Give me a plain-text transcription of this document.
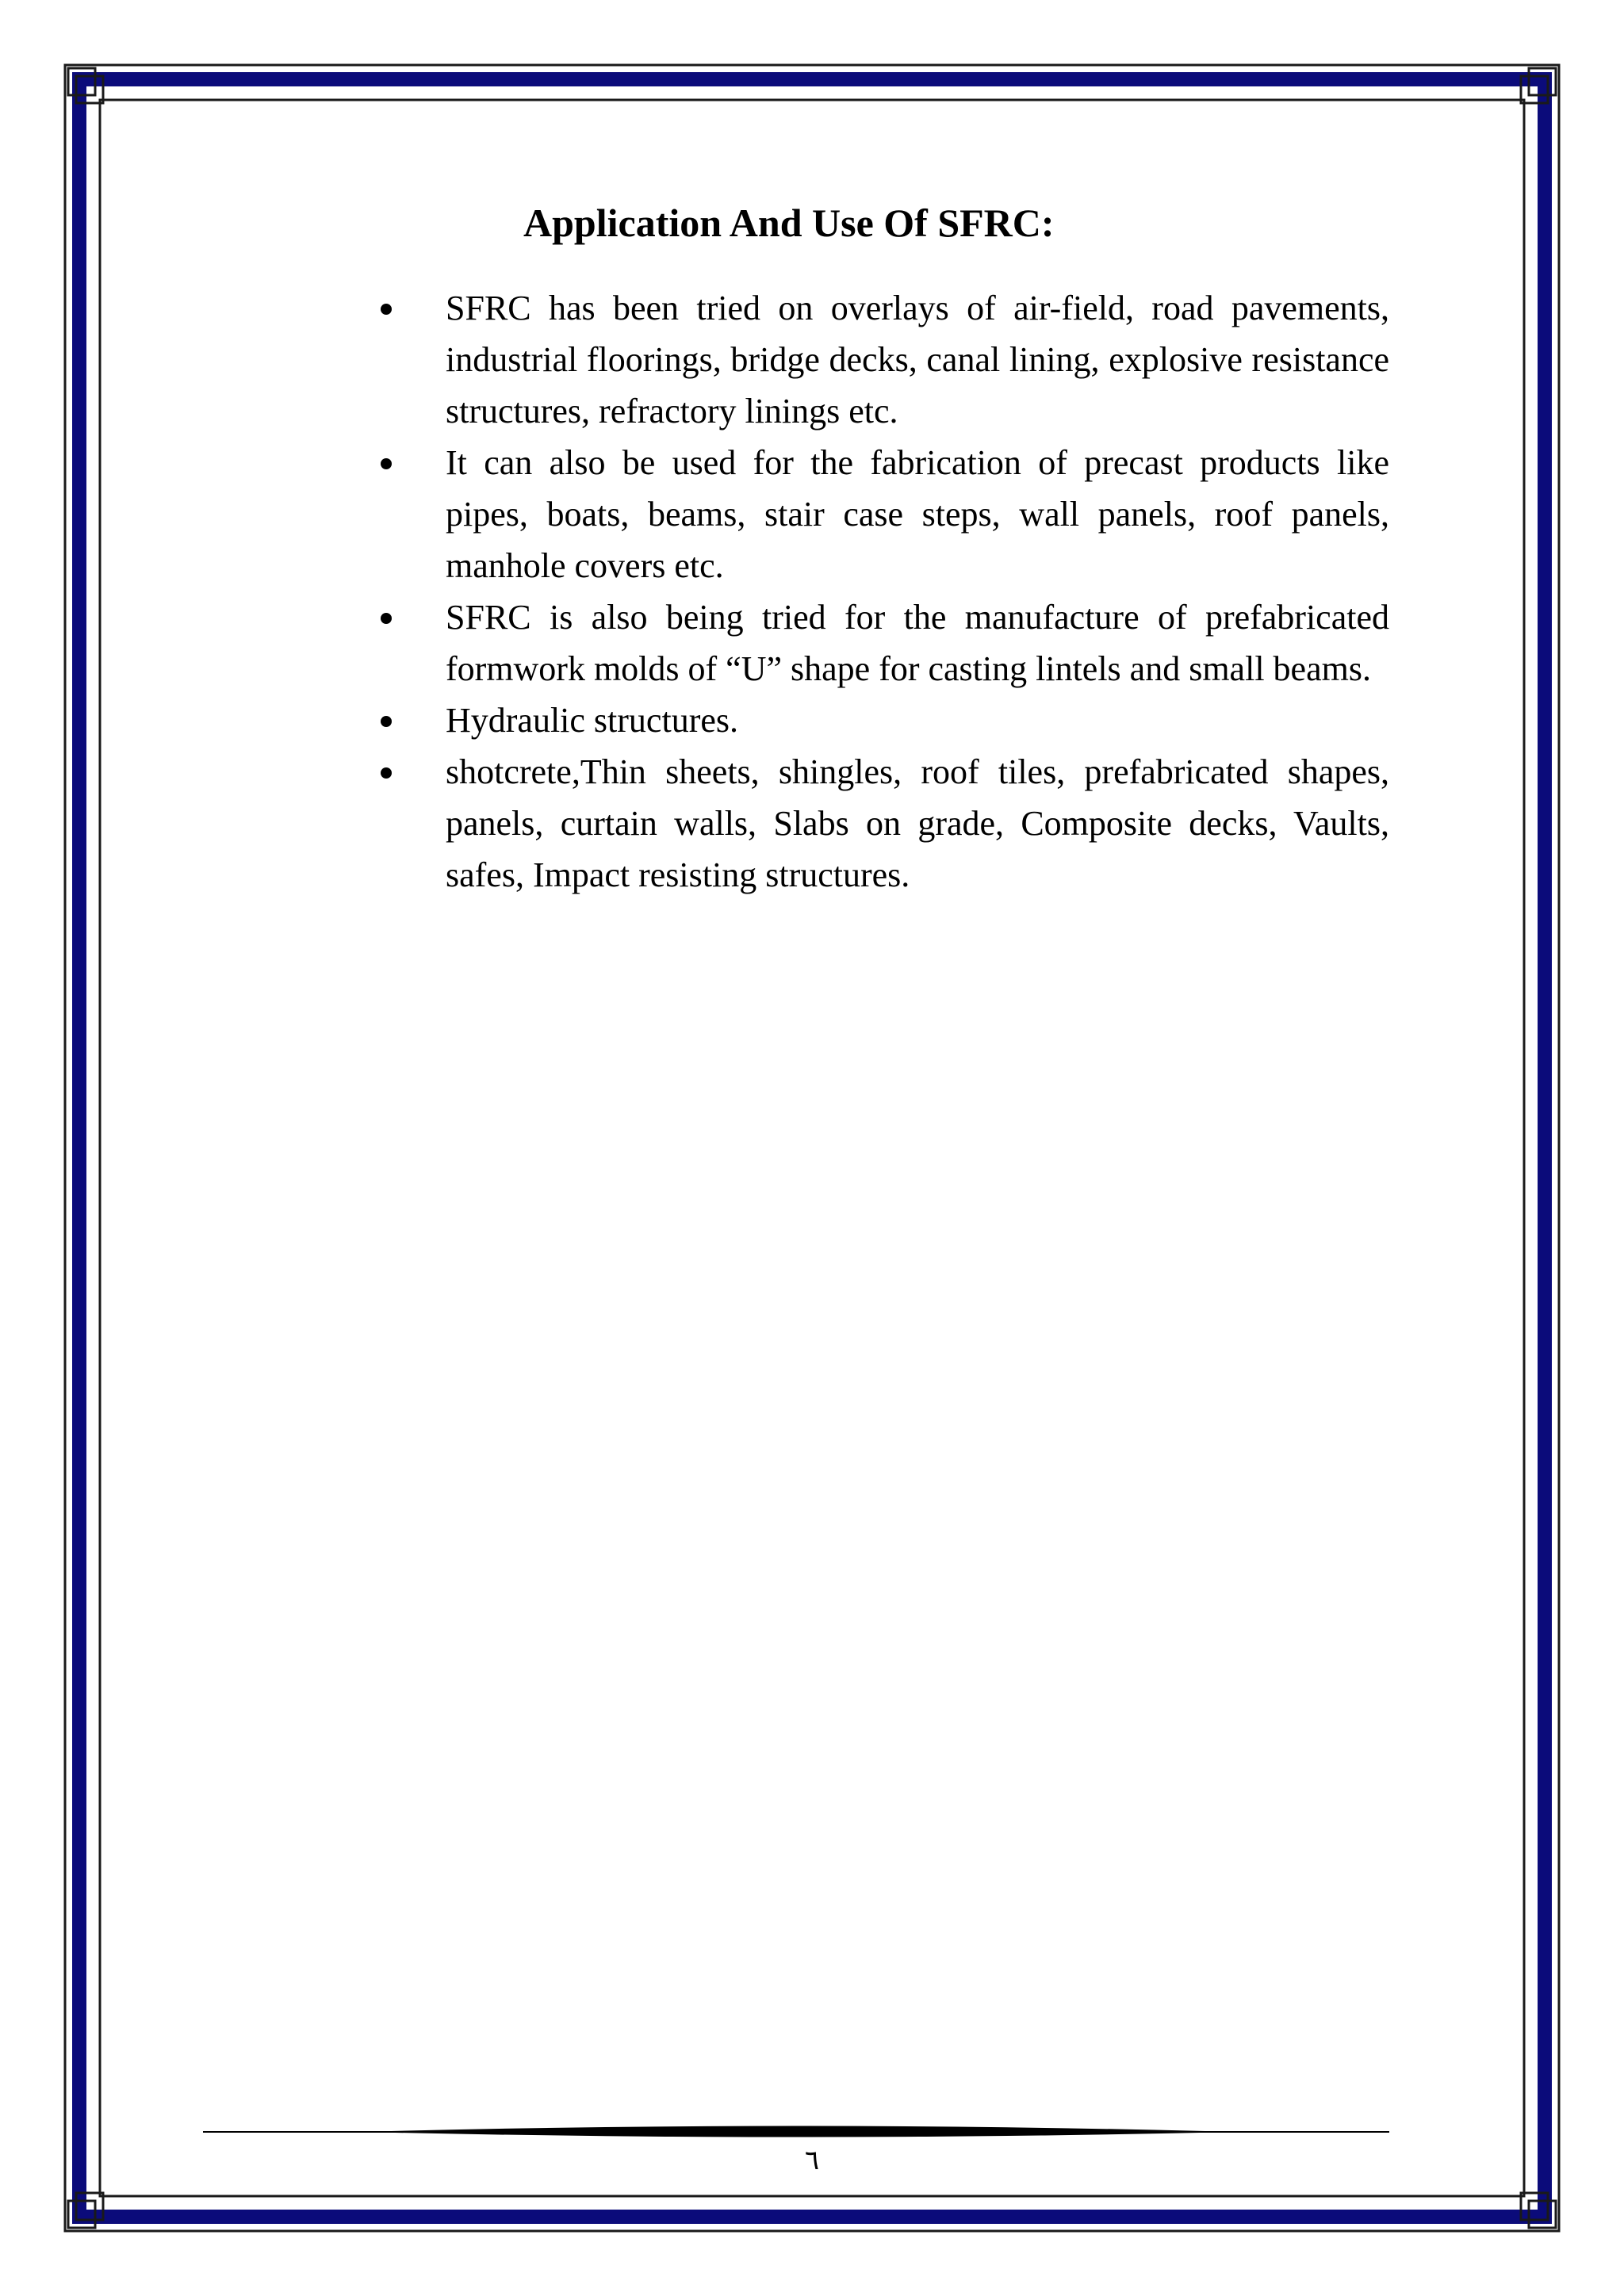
Application And Use Of SFRC:
SFRC has been tried on overlays of air-field, road pavements, industrial floorings, bridge decks, canal lining, explosive resistance structures, refractory linings etc.
It can also be used for the fabrication of precast products like pipes, boats, beams, stair case steps, wall panels, roof panels, manhole covers etc.
SFRC is also being tried for the manufacture of prefabricated formwork molds of “U” shape for casting lintels and small beams.
Hydraulic structures.
shotcrete,Thin sheets, shingles, roof tiles, prefabricated shapes, panels, curtain walls, Slabs on grade, Composite decks, Vaults, safes, Impact resisting structures.
٦
